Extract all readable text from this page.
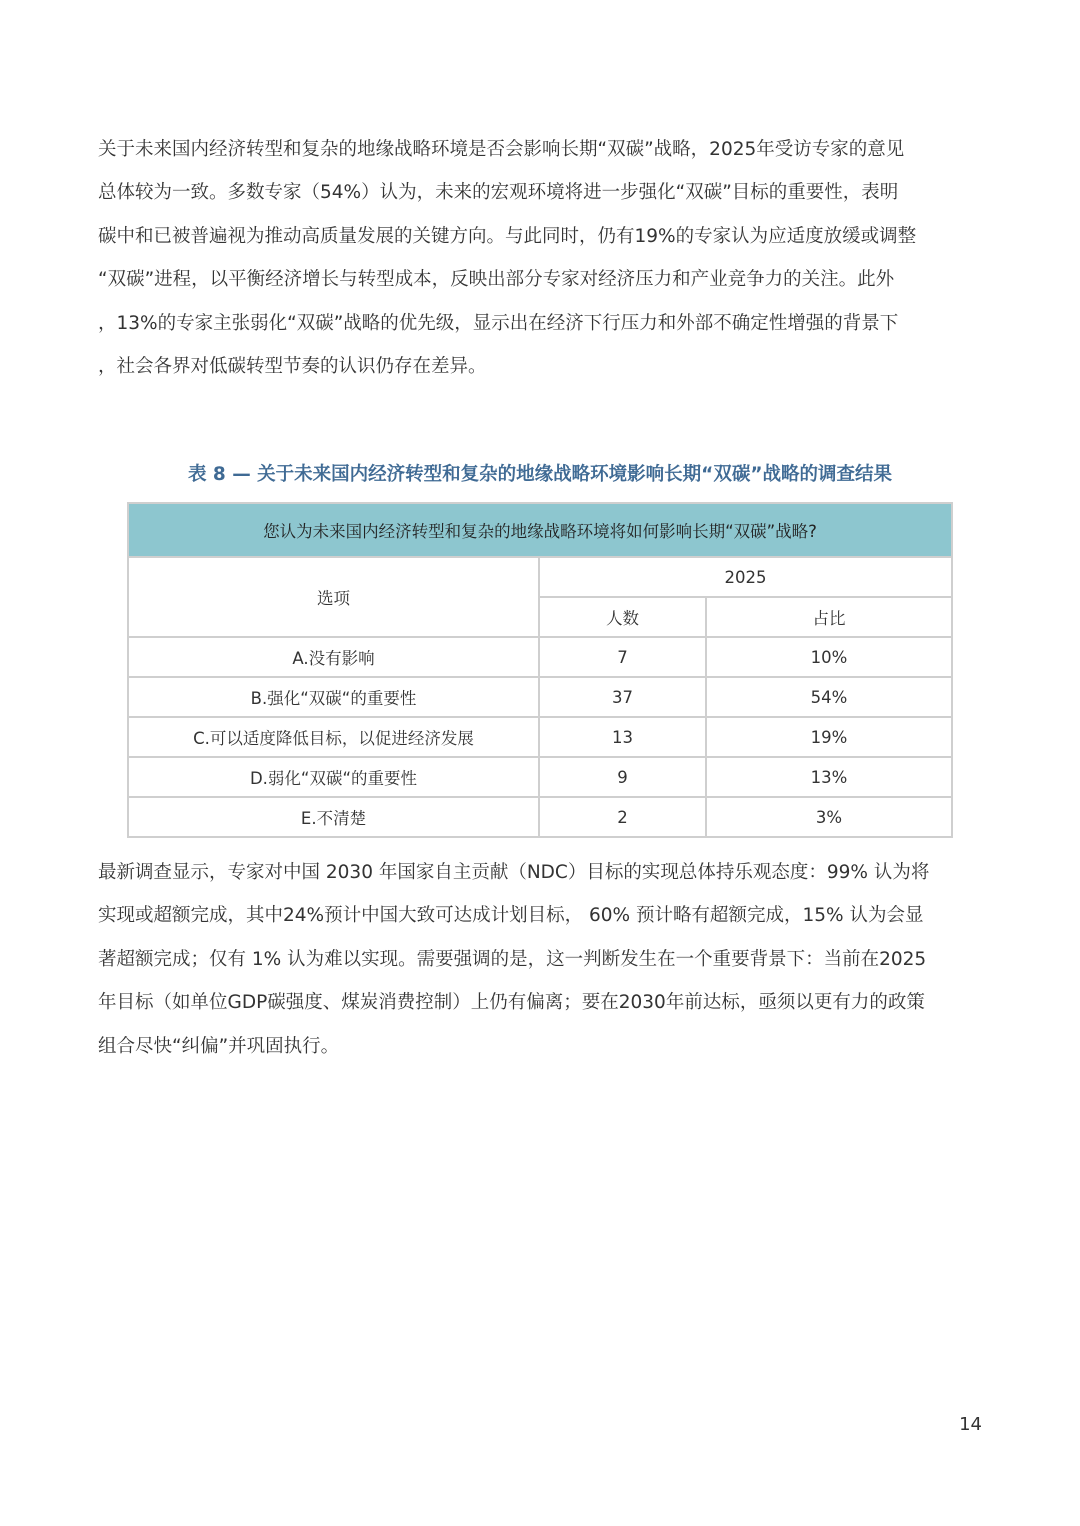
关于未来国内经济转型和复杂的地缘战略环境是否会影响长期“双碳”战略，2025年受访专家的意见
总体较为一致。多数专家（54%）认为，未来的宏观环境将进一步强化“双碳”目标的重要性，表明
碳中和已被普遍视为推动高质量发展的关键方向。与此同时，仍有19%的专家认为应适度放缓或调整
“双碳”进程，以平衡经济增长与转型成本，反映出部分专家对经济压力和产业竞争力的关注。此外
，13%的专家主张弱化“双碳”战略的优先级，显示出在经济下行压力和外部不确定性增强的背景下
，社会各界对低碳转型节奏的认识仍存在差异。

表 8 — 关于未来国内经济转型和复杂的地缘战略环境影响长期“双碳”战略的调查结果

您认为未来国内经济转型和复杂的地缘战略环境将如何影响长期“双碳”战略?		
选项	2025	
	人数	占比
A.没有影响	7	10%
B.强化“双碳“的重要性	37	54%
C.可以适度降低目标，以促进经济发展	13	19%
D.弱化“双碳“的重要性	9	13%
E.不清楚	2	3%
最新调查显示，专家对中国 2030 年国家自主贡献（NDC）目标的实现总体持乐观态度：99% 认为将
实现或超额完成，其中24%预计中国大致可达成计划目标， 60% 预计略有超额完成，15% 认为会显
著超额完成；仅有 1% 认为难以实现。需要强调的是，这一判断发生在一个重要背景下：当前在2025
年目标（如单位GDP碳强度、煤炭消费控制）上仍有偏离；要在2030年前达标，亟须以更有力的政策
组合尽快“纠偏”并巩固执行。
14
